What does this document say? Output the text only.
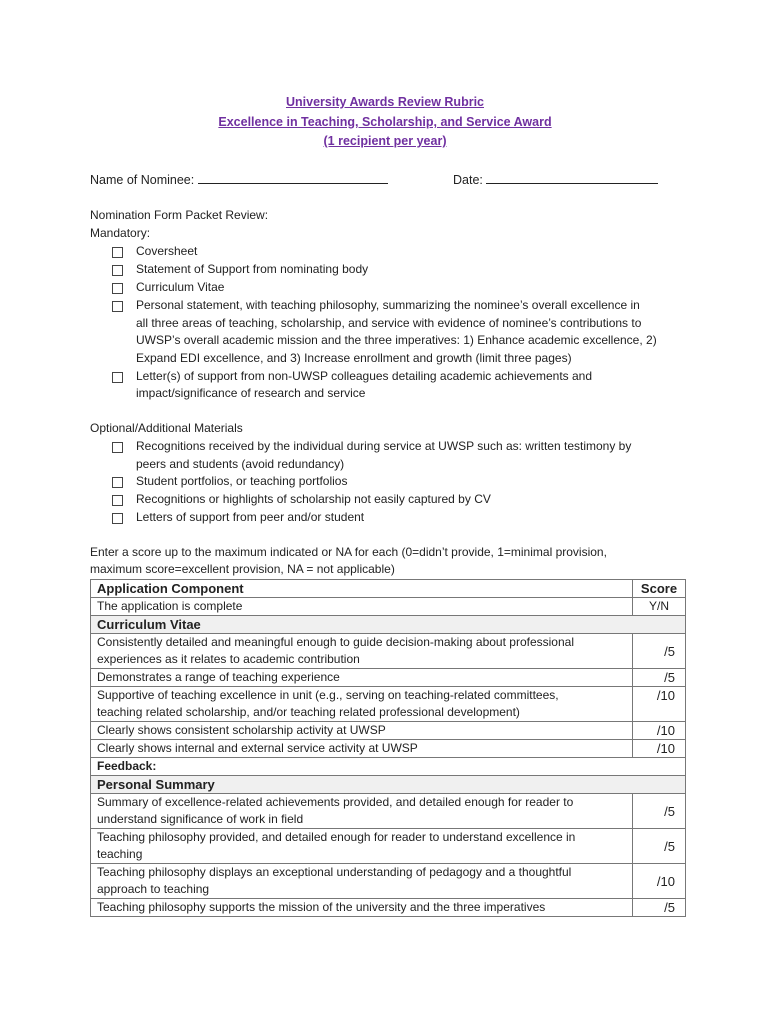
University Awards Review Rubric
Excellence in Teaching, Scholarship, and Service Award
(1 recipient per year)
Name of Nominee:	Date:
Nomination Form Packet Review:
Mandatory:
Coversheet
Statement of Support from nominating body
Curriculum Vitae
Personal statement, with teaching philosophy, summarizing the nominee’s overall excellence in
all three areas of teaching, scholarship, and service with evidence of nominee’s contributions to
UWSP’s overall academic mission and the three imperatives: 1) Enhance academic excellence, 2)
Expand EDI excellence, and 3) Increase enrollment and growth (limit three pages)
Letter(s) of support from non-UWSP colleagues detailing academic achievements and
impact/significance of research and service
Optional/Additional Materials
Recognitions received by the individual during service at UWSP such as: written testimony by
peers and students (avoid redundancy)
Student portfolios, or teaching portfolios
Recognitions or highlights of scholarship not easily captured by CV
Letters of support from peer and/or student
Enter a score up to the maximum indicated or NA for each (0=didn’t provide, 1=minimal provision,
maximum score=excellent provision, NA = not applicable)
Application Component	Score
The application is complete	Y/N
Curriculum Vitae	
Consistently detailed and meaningful enough to guide decision-making about professional
experiences as it relates to academic contribution	/5
Demonstrates a range of teaching experience	/5
Supportive of teaching excellence in unit (e.g., serving on teaching-related committees,
teaching related scholarship, and/or teaching related professional development)	/10
Clearly shows consistent scholarship activity at UWSP	/10
Clearly shows internal and external service activity at UWSP	/10
Feedback:	
Personal Summary	
Summary of excellence-related achievements provided, and detailed enough for reader to
understand significance of work in field	/5
Teaching philosophy provided, and detailed enough for reader to understand excellence in
teaching	/5
Teaching philosophy displays an exceptional understanding of pedagogy and a thoughtful
approach to teaching	/10
Teaching philosophy supports the mission of the university and the three imperatives	/5
